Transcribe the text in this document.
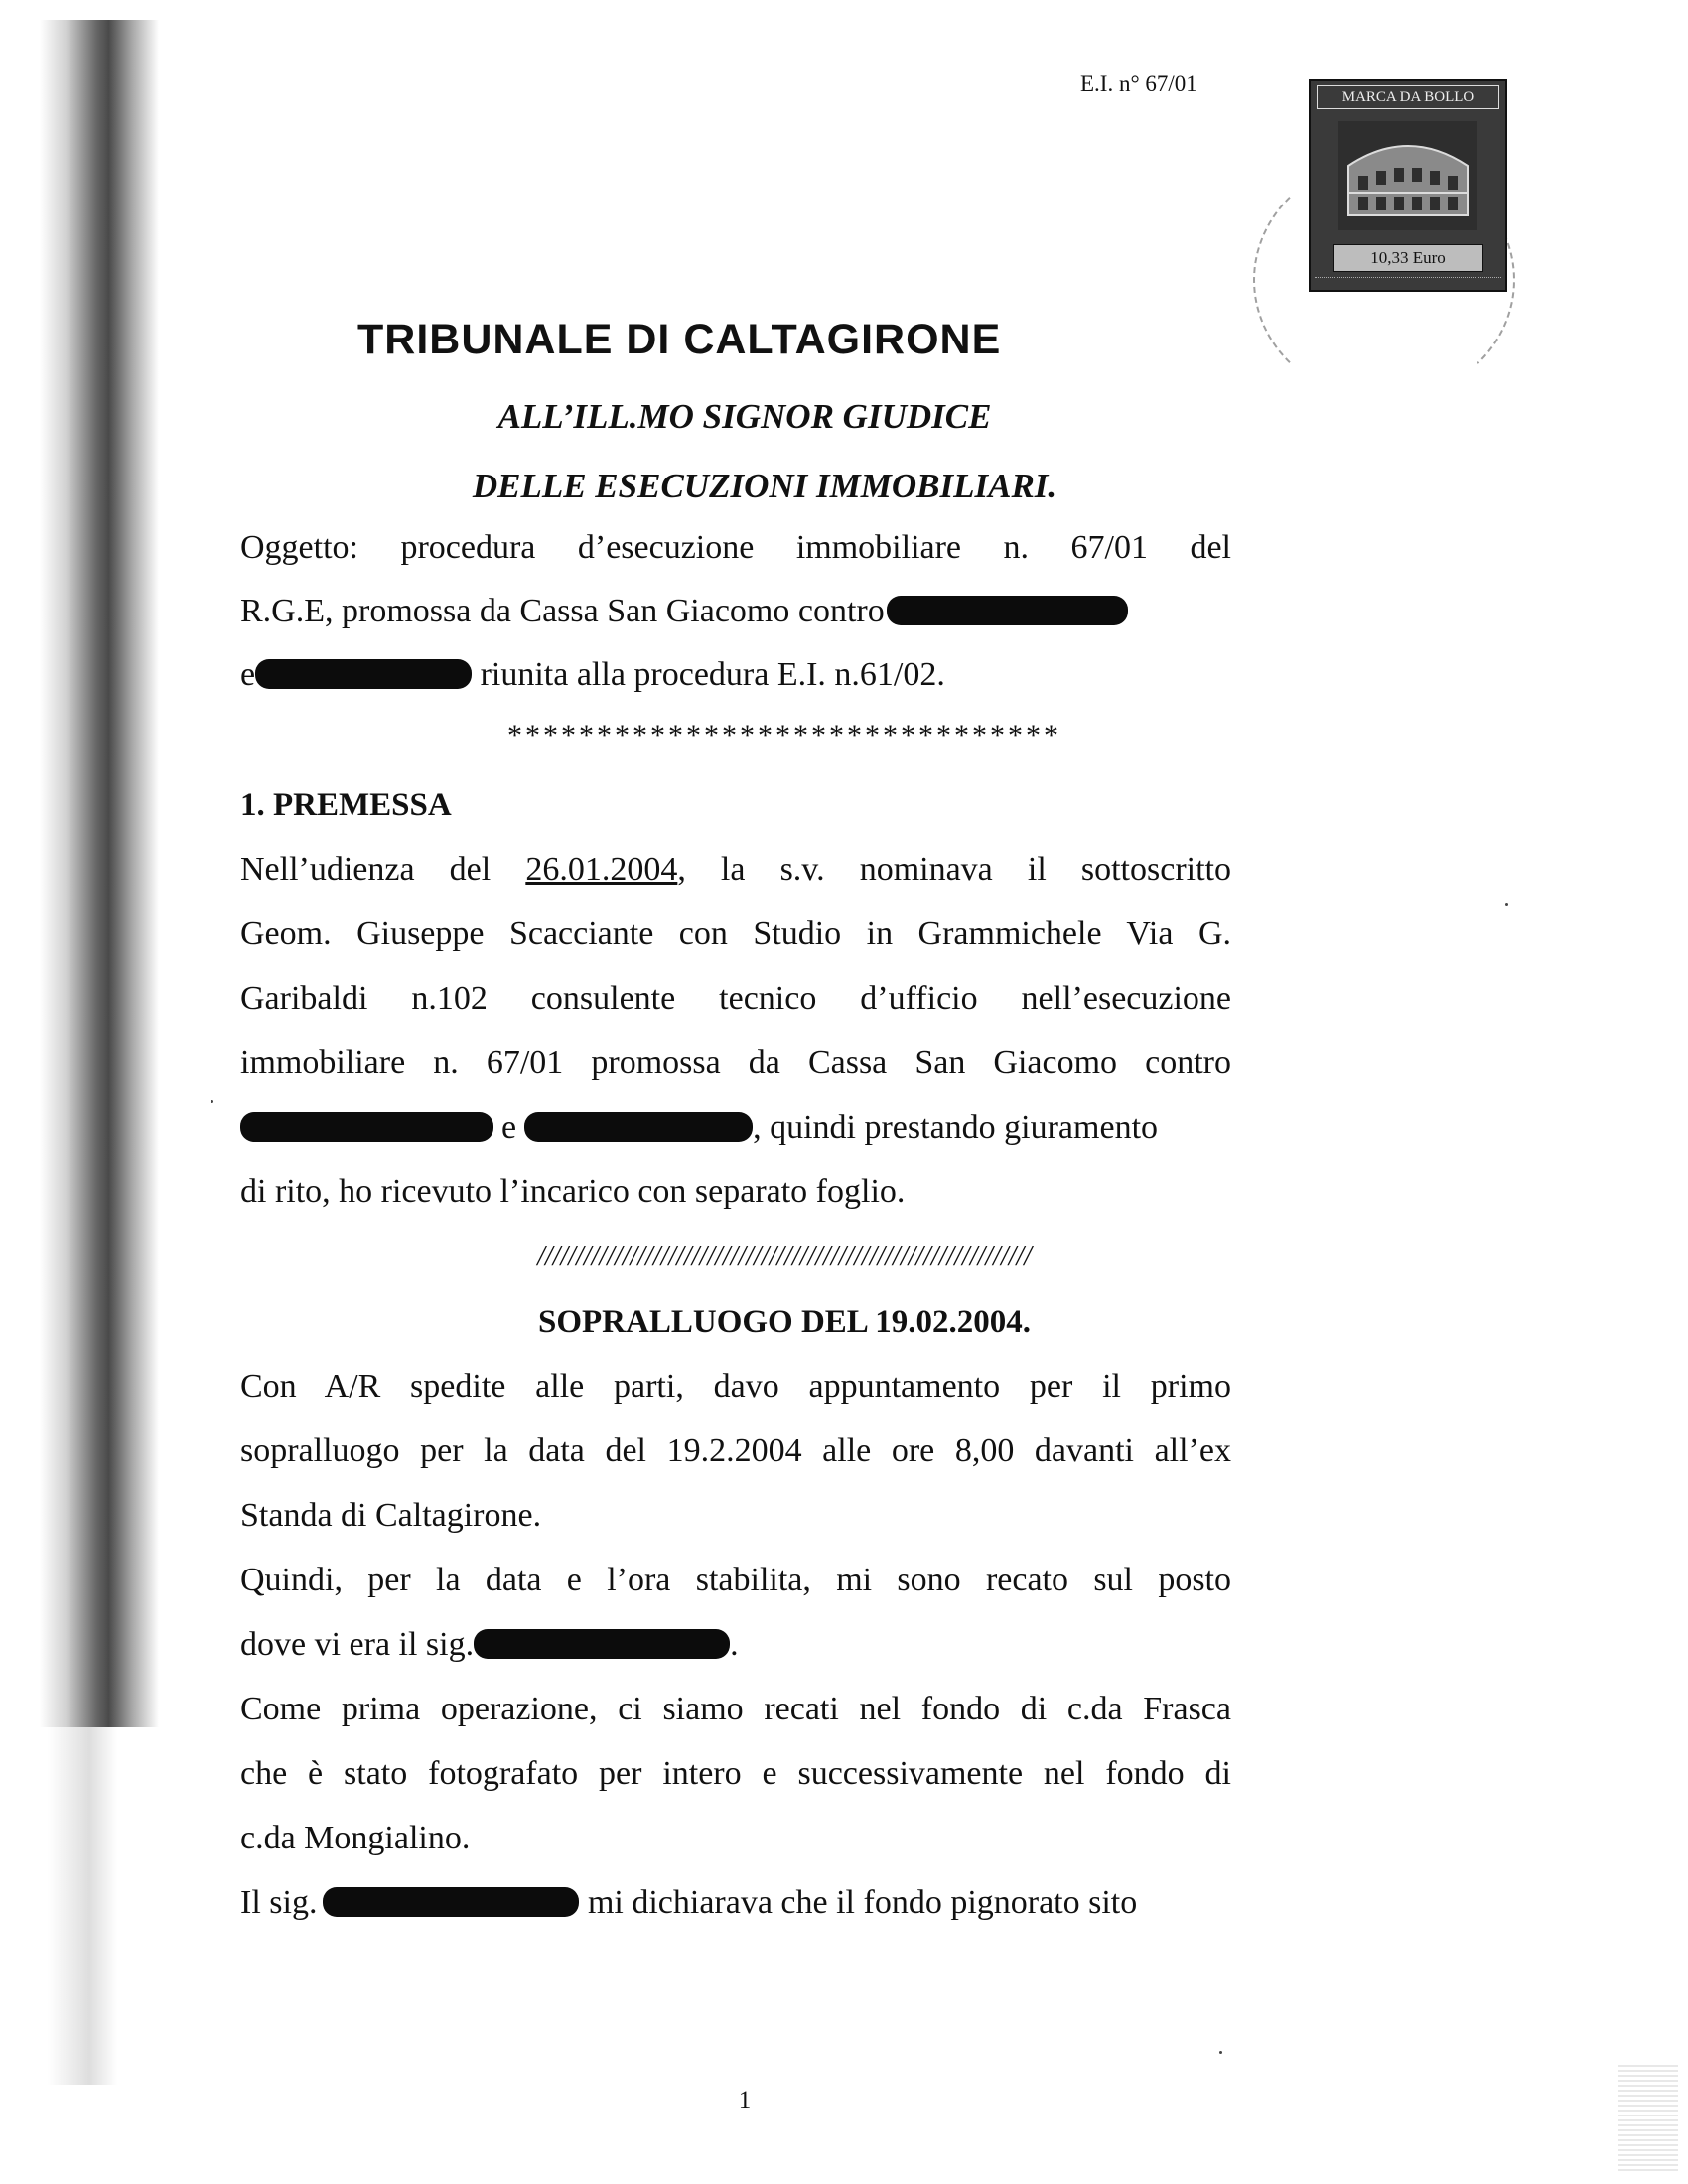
E.I. n° 67/01
MARCA DA BOLLO
10,33 Euro
TRIBUNALE DI CALTAGIRONE
ALL’ILL.MO SIGNOR GIUDICE
DELLE ESECUZIONI IMMOBILIARI.
Oggetto: procedura d’esecuzione immobiliare n. 67/01 del
R.G.E, promossa da Cassa San Giacomo contro
e	riunita alla procedura E.I. n.61/02.
*******************************
1. PREMESSA
Nell’udienza del 26.01.2004, la s.v. nominava il sottoscritto
Geom. Giuseppe Scacciante con Studio in Grammichele Via G.
Garibaldi n.102 consulente tecnico d’ufficio nell’esecuzione
immobiliare n. 67/01 promossa da Cassa San Giacomo contro
e	, quindi prestando giuramento
di rito, ho ricevuto l’incarico con separato foglio.
////////////////////////////////////////////////////////////////
SOPRALLUOGO DEL 19.02.2004.
Con A/R spedite alle parti, davo appuntamento per il primo
sopralluogo per la data del 19.2.2004 alle ore 8,00 davanti all’ex
Standa di Caltagirone.
Quindi, per la data e l’ora stabilita, mi sono recato sul posto
dove vi era il sig.	.
Come prima operazione, ci siamo recati nel fondo di c.da Frasca
che è stato fotografato per intero e successivamente nel fondo di
c.da Mongialino.
Il sig.	mi dichiarava che il fondo pignorato sito
1
